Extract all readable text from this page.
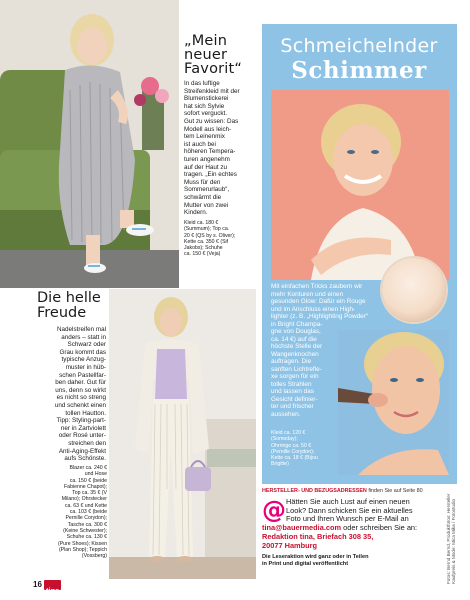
„Mein
neuer
Favorit“
In das luftige
Streifenkleid mit der
Blumenstickerei
hat sich Sylvie
sofort verguckt.
Gut zu wissen: Das
Modell aus leich-
tem Leinenmix
ist auch bei
höheren Tempera-
turen angenehm
auf der Haut zu
tragen. „Ein echtes
Muss für den
Sommerurlaub“,
schwärmt die
Mutter von zwei
Kindern.
Kleid ca. 180 €
(Summum); Top ca.
20 € (QS by s. Oliver);
Kette ca. 350 € (Sif
Jakobs); Schuhe
ca. 150 € (Veja)
Die helle
Freude
Nadelstreifen mal
anders – statt in
Schwarz oder
Grau kommt das
typische Anzug-
muster in hüb-
schen Pastellfar-
ben daher. Gut für
uns, denn so wirkt
es nicht so streng
und schenkt einen
tollen Hautton.
Tipp: Styling-part-
ner in Zartviolett
oder Rosé unter-
streichen den
Anti-Aging-Effekt
aufs Schönste.
Blazer ca. 240 €
und Hose
ca. 150 € (beide
Fabienne Chapot);
Top ca. 35 € (V
Milano); Ohrstecker
ca. 63 € und Kette
ca. 103 € (beide
Pernille Corydon);
Tasche ca. 300 €
(Keine Schwester);
Schuhe ca. 130 €
(Pure Shoes); Kissen
(Plan Shop); Teppich
(Vossberg)
Schmeichelnder
Schimmer
Mit einfachen Tricks zaubern wir
mehr Konturen und einen
gesunden Glow: Dafür ein Rouge
und im Anschluss einen High-
lighter (z. B. „Highlighting Powder“
in Bright Champa-
gne von Douglas,
ca. 14 €) auf die
höchste Stelle der
Wangenknochen
auftragen. Die
sanften Lichtrefle-
xe sorgen für ein
tolles Strahlen
und lassen das
Gesicht definier-
ter und frischer
aussehen.
Kleid ca. 120 €
(Someday);
Ohrringe ca. 50 €
(Pernille Corydon);
Kette ca. 18 € (Bijou
Brigitte)
HERSTELLER- UND BEZUGSADRESSEN finden Sie auf Seite 80
@ Hätten Sie auch Lust auf einen neuen
Look? Dann schicken Sie ein aktuelles
Foto und Ihren Wunsch per E-Mail an
tina@bauermedia.com oder schreiben Sie an:
Redaktion tina, Briefach 308 35,
20077 Hamburg
Die Leseraktion wird ganz oder in Teilen
in Print und digital veröffentlicht	Fotos: Bernd Bernd, Produktfotos: Hersteller Kaufpreis & Mode: Mica Mika / Fotostudio
16
tina
